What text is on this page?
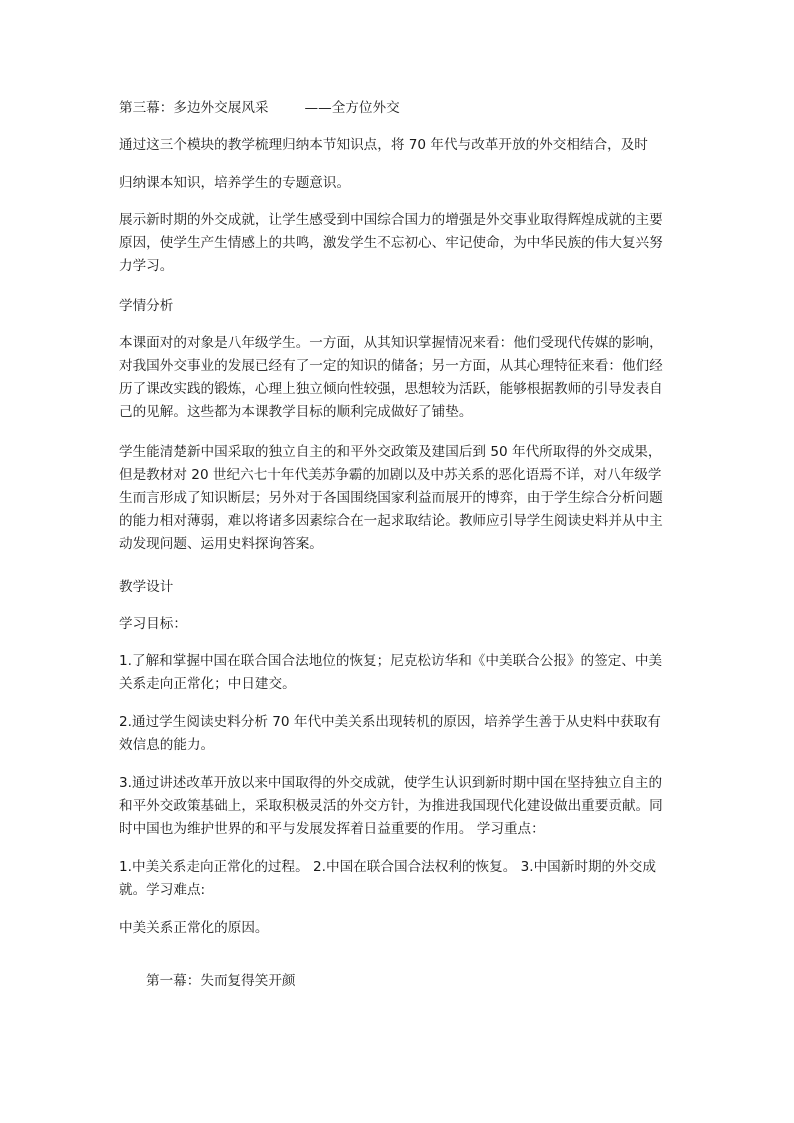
第三幕：多边外交展风采	——全方位外交
通过这三个模块的教学梳理归纳本节知识点，将 70 年代与改革开放的外交相结合，及时
归纳课本知识，培养学生的专题意识。
展示新时期的外交成就，让学生感受到中国综合国力的增强是外交事业取得辉煌成就的主要
原因，使学生产生情感上的共鸣，激发学生不忘初心、牢记使命，为中华民族的伟大复兴努
力学习。
学情分析
本课面对的对象是八年级学生。一方面，从其知识掌握情况来看：他们受现代传媒的影响，
对我国外交事业的发展已经有了一定的知识的储备；另一方面，从其心理特征来看：他们经
历了课改实践的锻炼，心理上独立倾向性较强，思想较为活跃，能够根据教师的引导发表自
己的见解。这些都为本课教学目标的顺利完成做好了铺垫。
学生能清楚新中国采取的独立自主的和平外交政策及建国后到 50 年代所取得的外交成果，
但是教材对 20 世纪六七十年代美苏争霸的加剧以及中苏关系的恶化语焉不详，对八年级学
生而言形成了知识断层；另外对于各国围绕国家利益而展开的博弈，由于学生综合分析问题
的能力相对薄弱，难以将诸多因素综合在一起求取结论。教师应引导学生阅读史料并从中主
动发现问题、运用史料探询答案。
教学设计
学习目标：
1.了解和掌握中国在联合国合法地位的恢复；尼克松访华和《中美联合公报》的签定、中美
关系走向正常化；中日建交。
2.通过学生阅读史料分析 70 年代中美关系出现转机的原因，培养学生善于从史料中获取有
效信息的能力。
3.通过讲述改革开放以来中国取得的外交成就，使学生认识到新时期中国在坚持独立自主的
和平外交政策基础上，采取积极灵活的外交方针，为推进我国现代化建设做出重要贡献。同
时中国也为维护世界的和平与发展发挥着日益重要的作用。 学习重点：
1.中美关系走向正常化的过程。 2.中国在联合国合法权利的恢复。 3.中国新时期的外交成
就。学习难点:
中美关系正常化的原因。
第一幕：失而复得笑开颜
